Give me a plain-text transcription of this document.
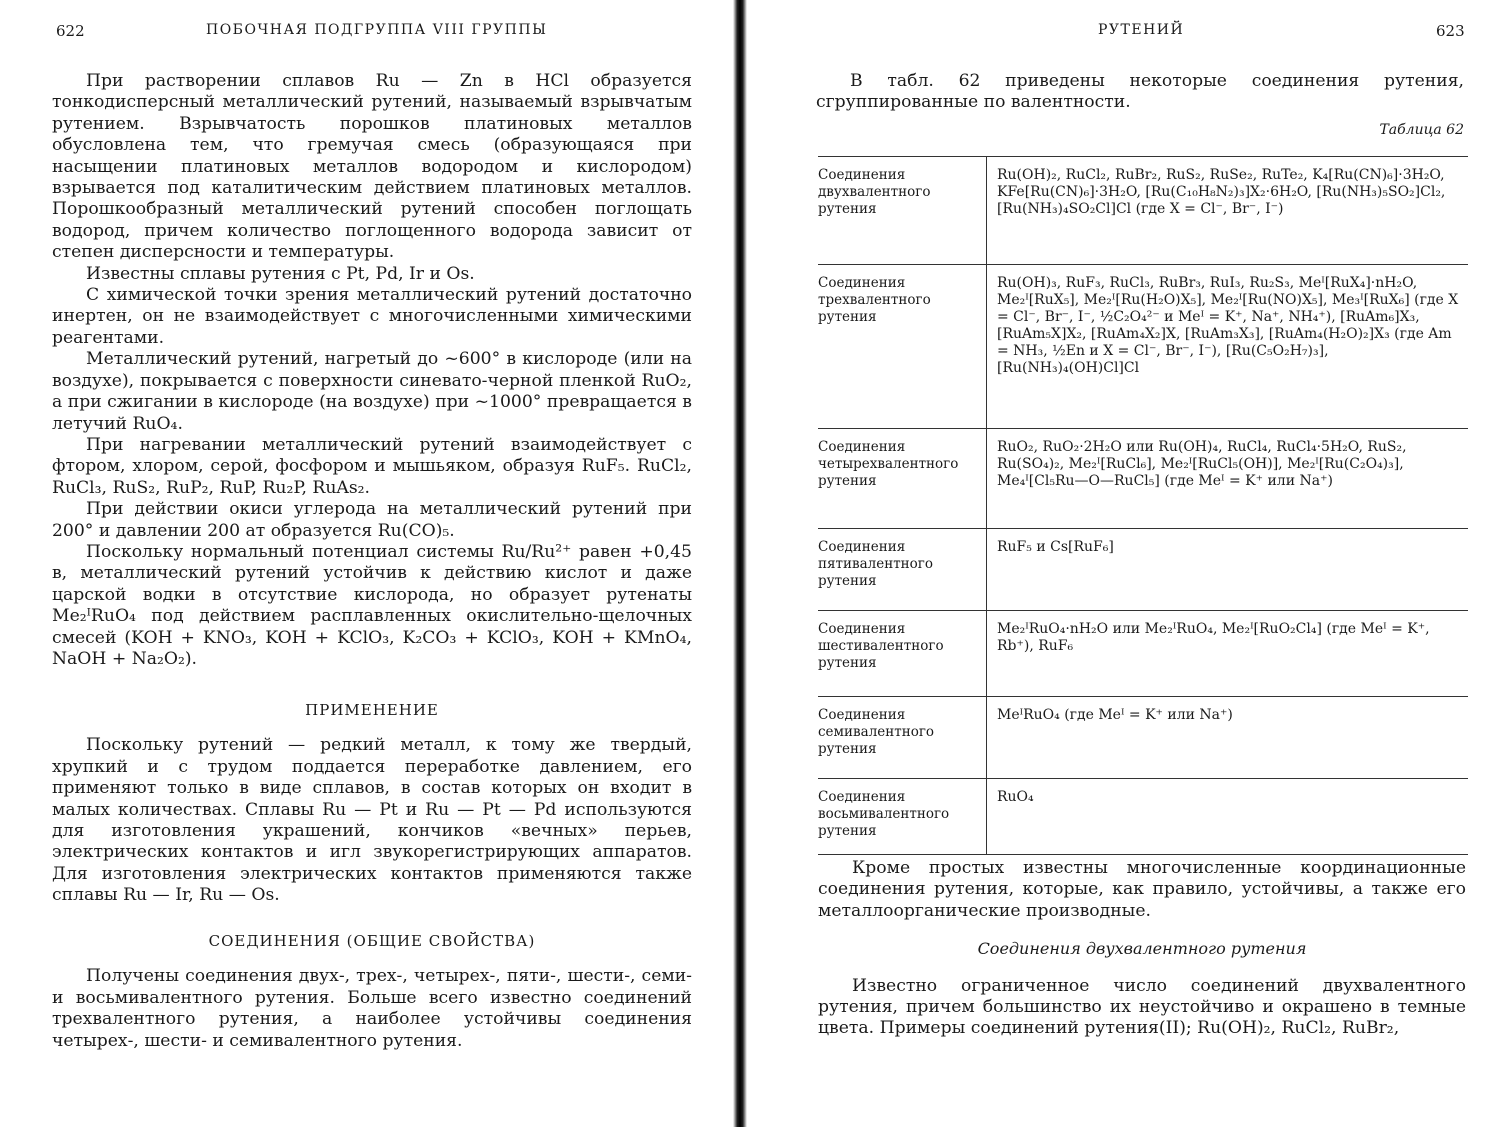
622	ПОБОЧНАЯ ПОДГРУППА VIII ГРУППЫ

При растворении сплавов Ru — Zn в HCl образуется тонкодисперсный металлический рутений, называемый взрывчатым рутением. Взрывчатость порошков платиновых металлов обусловлена тем, что гремучая смесь (образующаяся при насыщении платиновых металлов водородом и кислородом) взрывается под каталитическим действием платиновых металлов. Порошкообразный металлический рутений способен поглощать водород, причем количество поглощенного водорода зависит от степен дисперсности и температуры.

Известны сплавы рутения с Pt, Pd, Ir и Os.

С химической точки зрения металлический рутений достаточно инертен, он не взаимодействует с многочисленными химическими реагентами.

Металлический рутений, нагретый до ~600° в кислороде (или на воздухе), покрывается с поверхности синевато-черной пленкой RuO₂, а при сжигании в кислороде (на воздухе) при ~1000° превращается в летучий RuO₄.

При нагревании металлический рутений взаимодействует с фтором, хлором, серой, фосфором и мышьяком, образуя RuF₅. RuCl₂, RuCl₃, RuS₂, RuP₂, RuP, Ru₂P, RuAs₂.

При действии окиси углерода на металлический рутений при 200° и давлении 200 ат образуется Ru(CO)₅.

Поскольку нормальный потенциал системы Ru/Ru²⁺ равен +0,45 в, металлический рутений устойчив к действию кислот и даже царской водки в отсутствие кислорода, но образует рутенаты Me₂ᴵRuO₄ под действием расплавленных окислительно-щелочных смесей (KOH + KNO₃, KOH + KClO₃, K₂CO₃ + KClO₃, KOH + KMnO₄, NaOH + Na₂O₂).

ПРИМЕНЕНИЕ

Поскольку рутений — редкий металл, к тому же твердый, хрупкий и с трудом поддается переработке давлением, его применяют только в виде сплавов, в состав которых он входит в малых количествах. Сплавы Ru — Pt и Ru — Pt — Pd используются для изготовления украшений, кончиков «вечных» перьев, электрических контактов и игл звукорегистрирующих аппаратов. Для изготовления электрических контактов применяются также сплавы Ru — Ir, Ru — Os.

СОЕДИНЕНИЯ (ОБЩИЕ СВОЙСТВА)

Получены соединения двух-, трех-, четырех-, пяти-, шести-, семи- и восьмивалентного рутения. Больше всего известно соединений трехвалентного рутения, а наиболее устойчивы соединения четырех-, шести- и семивалентного рутения.

РУТЕНИЙ	623

В табл. 62 приведены некоторые соединения рутения, сгруппированные по валентности.

Таблица 62

Кроме простых известны многочисленные координационные соединения рутения, которые, как правило, устойчивы, а также его металлоорганические производные.

Соединения двухвалентного рутения

Известно ограниченное число соединений двухвалентного рутения, причем большинство их неустойчиво и окрашено в темные цвета. Примеры соединений рутения(II); Ru(OH)₂, RuCl₂, RuBr₂,

Соединения двухвалентного рутения	Ru(OH)₂, RuCl₂, RuBr₂, RuS₂, RuSe₂, RuTe₂, K₄[Ru(CN)₆]·3H₂O, KFe[Ru(CN)₆]·3H₂O, [Ru(C₁₀H₈N₂)₃]X₂·6H₂O, [Ru(NH₃)₅SO₂]Cl₂, [Ru(NH₃)₄SO₂Cl]Cl (где X = Cl⁻, Br⁻, I⁻)
Соединения трехвалентного рутения	Ru(OH)₃, RuF₃, RuCl₃, RuBr₃, RuI₃, Ru₂S₃, Meᴵ[RuX₄]·nH₂O, Me₂ᴵ[RuX₅], Me₂ᴵ[Ru(H₂O)X₅], Me₂ᴵ[Ru(NO)X₅], Me₃ᴵ[RuX₆] (где X = Cl⁻, Br⁻, I⁻, ½C₂O₄²⁻ и Meᴵ = K⁺, Na⁺, NH₄⁺), [RuAm₆]X₃, [RuAm₅X]X₂, [RuAm₄X₂]X, [RuAm₃X₃], [RuAm₄(H₂O)₂]X₃ (где Am = NH₃, ½En и X = Cl⁻, Br⁻, I⁻), [Ru(C₅O₂H₇)₃], [Ru(NH₃)₄(OH)Cl]Cl
Соединения четырехвалентного рутения	RuO₂, RuO₂·2H₂O или Ru(OH)₄, RuCl₄, RuCl₄·5H₂O, RuS₂, Ru(SO₄)₂, Me₂ᴵ[RuCl₆], Me₂ᴵ[RuCl₅(OH)], Me₂ᴵ[Ru(C₂O₄)₃], Me₄ᴵ[Cl₅Ru—O—RuCl₅] (где Meᴵ = K⁺ или Na⁺)
Соединения пятивалентного рутения	RuF₅ и Cs[RuF₆]
Соединения шестивалентного рутения	Me₂ᴵRuO₄·nH₂O или Me₂ᴵRuO₄, Me₂ᴵ[RuO₂Cl₄] (где Meᴵ = K⁺, Rb⁺), RuF₆
Соединения семивалентного рутения	MeᴵRuO₄ (где Meᴵ = K⁺ или Na⁺)
Соединения восьмивалентного рутения	RuO₄
